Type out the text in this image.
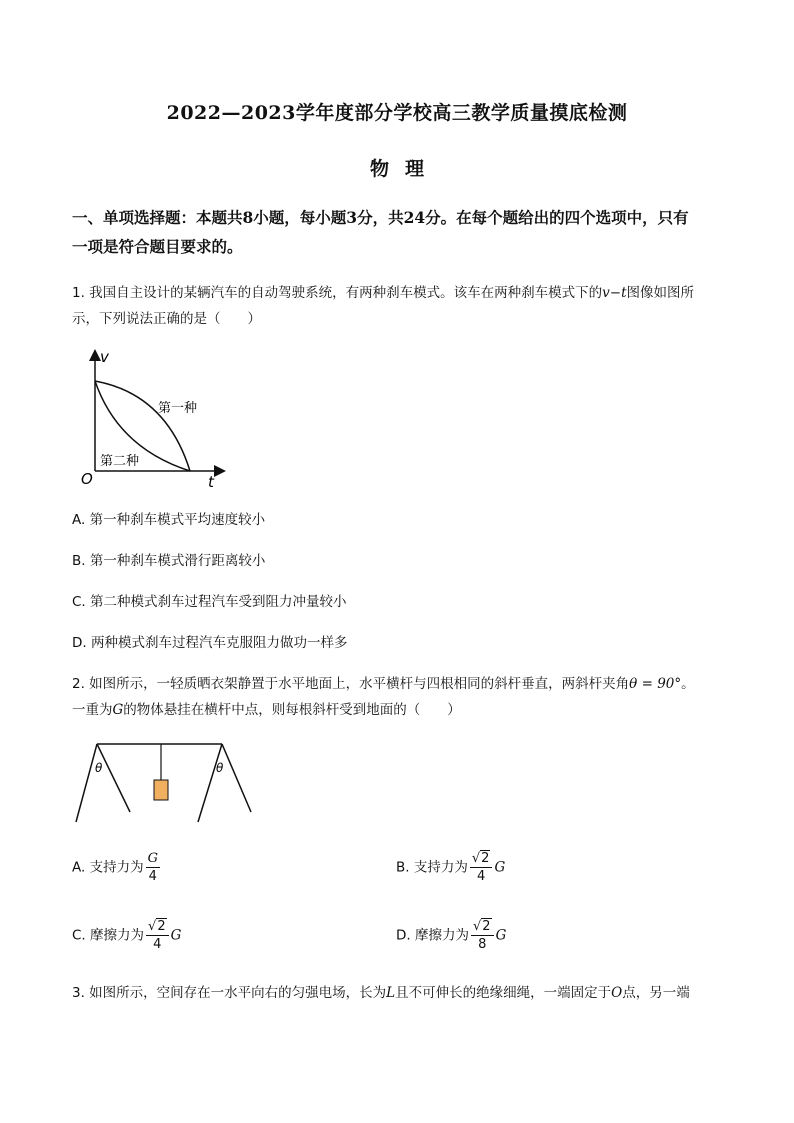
2022—2023学年度部分学校高三教学质量摸底检测
物 理
一、单项选择题：本题共8小题，每小题3分，共24分。在每个题给出的四个选项中，只有
一项是符合题目要求的。
1. 我国自主设计的某辆汽车的自动驾驶系统，有两种刹车模式。该车在两种刹车模式下的v−t图像如图所
示，下列说法正确的是（　　）
v
t
O
第一种
第二种
A. 第一种刹车模式平均速度较小
B. 第一种刹车模式滑行距离较小
C. 第二种模式刹车过程汽车受到阻力冲量较小
D. 两种模式刹车过程汽车克服阻力做功一样多
2. 如图所示，一轻质晒衣架静置于水平地面上，水平横杆与四根相同的斜杆垂直，两斜杆夹角θ = 90°。
一重为G的物体悬挂在横杆中点，则每根斜杆受到地面的（　　）
θ	θ
A. 支持力为 $\frac{G}{4}$	B. 支持力为 $\frac{√ 2}{4}$ G
C. 摩擦力为 $\frac{√ 2}{4}$ G	D. 摩擦力为 $\frac{√ 2}{8}$ G
3. 如图所示，空间存在一水平向右的匀强电场，长为L且不可伸长的绝缘细绳，一端固定于O点，另一端
